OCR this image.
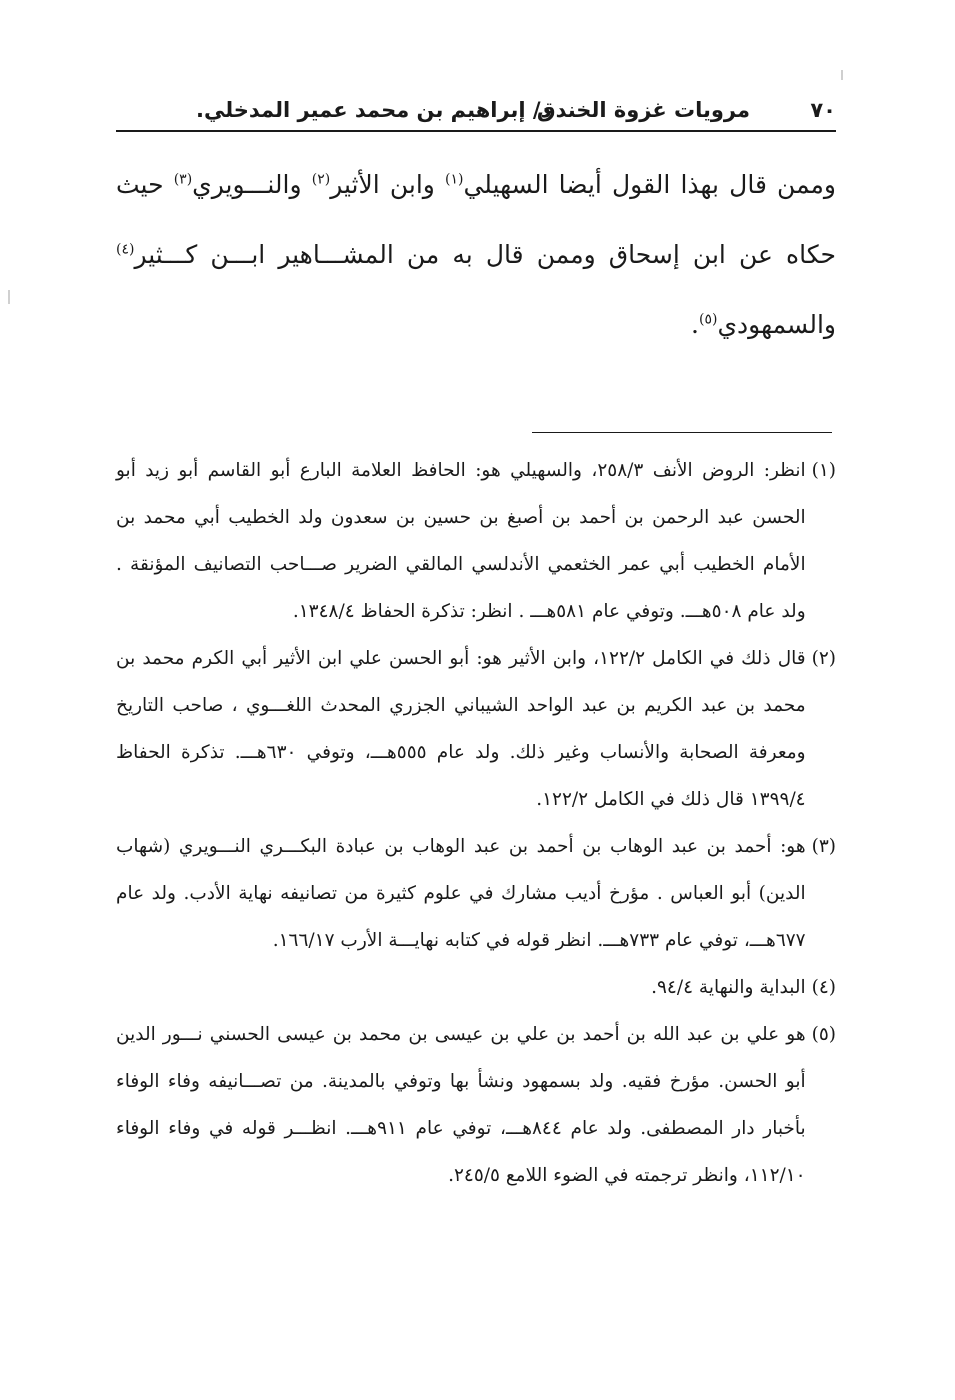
٧٠
مرويات غزوة الخندق
د/ إبراهيم بن محمد عمير المدخلي.

وممن قال بهذا القول أيضا السهيلي$^{(١)}$ وابن الأثير$^{(٢)}$ والنـــويري$^{(٣)}$ حيث حكاه عن ابن إسحاق وممن قال به من المشـــاهير ابـــن كـــثير$^{(٤)}$ والسمهودي$^{(٥)}$.

(١)
انظر: الروض الأنف ٢٥٨/٣، والسهيلي هو: الحافظ العلامة البارع أبو القاسم أبو زيد أبو الحسن عبد الرحمن بن أحمد بن أصبغ بن حسين بن سعدون ولد الخطيب أبي محمد بن الأمام الخطيب أبي عمر الخثعمي الأندلسي المالقي الضرير صـــاحب التصانيف المؤنقة . ولد عام ٥٠٨هـــ. وتوفي عام ٥٨١هـــ . انظر: تذكرة الحفاظ ١٣٤٨/٤.
(٢)
قال ذلك في الكامل ١٢٢/٢، وابن الأثير هو: أبو الحسن علي ابن الأثير أبي الكرم محمد بن محمد بن عبد الكريم بن عبد الواحد الشيباني الجزري المحدث اللغـــوي ، صاحب التاريخ ومعرفة الصحابة والأنساب وغير ذلك. ولد عام ٥٥٥هـــ، وتوفي ٦٣٠هـــ. تذكرة الحفاظ ١٣٩٩/٤ قال ذلك في الكامل ١٢٢/٢.
(٣)
هو: أحمد بن عبد الوهاب بن أحمد بن عبد الوهاب بن عبادة البكـــري النـــويري (شهاب الدين) أبو العباس . مؤرخ أديب مشارك في علوم كثيرة من تصانيفه نهاية الأدب. ولد عام ٦٧٧هـــ، توفي عام ٧٣٣هـــ. انظر قوله في كتابه نهايـــة الأرب ١٦٦/١٧.
(٤)
البداية والنهاية ٩٤/٤.
(٥)
هو علي بن عبد الله بن أحمد بن علي بن عيسى بن محمد بن عيسى الحسني نـــور الدين أبو الحسن. مؤرخ فقيه. ولد بسمهود ونشأ بها وتوفي بالمدينة. من تصـــانيفه وفاء الوفاء بأخبار دار المصطفى. ولد عام ٨٤٤هـــ، توفي عام ٩١١هـــ. انظـــر قوله في وفاء الوفاء ١١٢/١٠، وانظر ترجمته في الضوء اللامع ٢٤٥/٥.
